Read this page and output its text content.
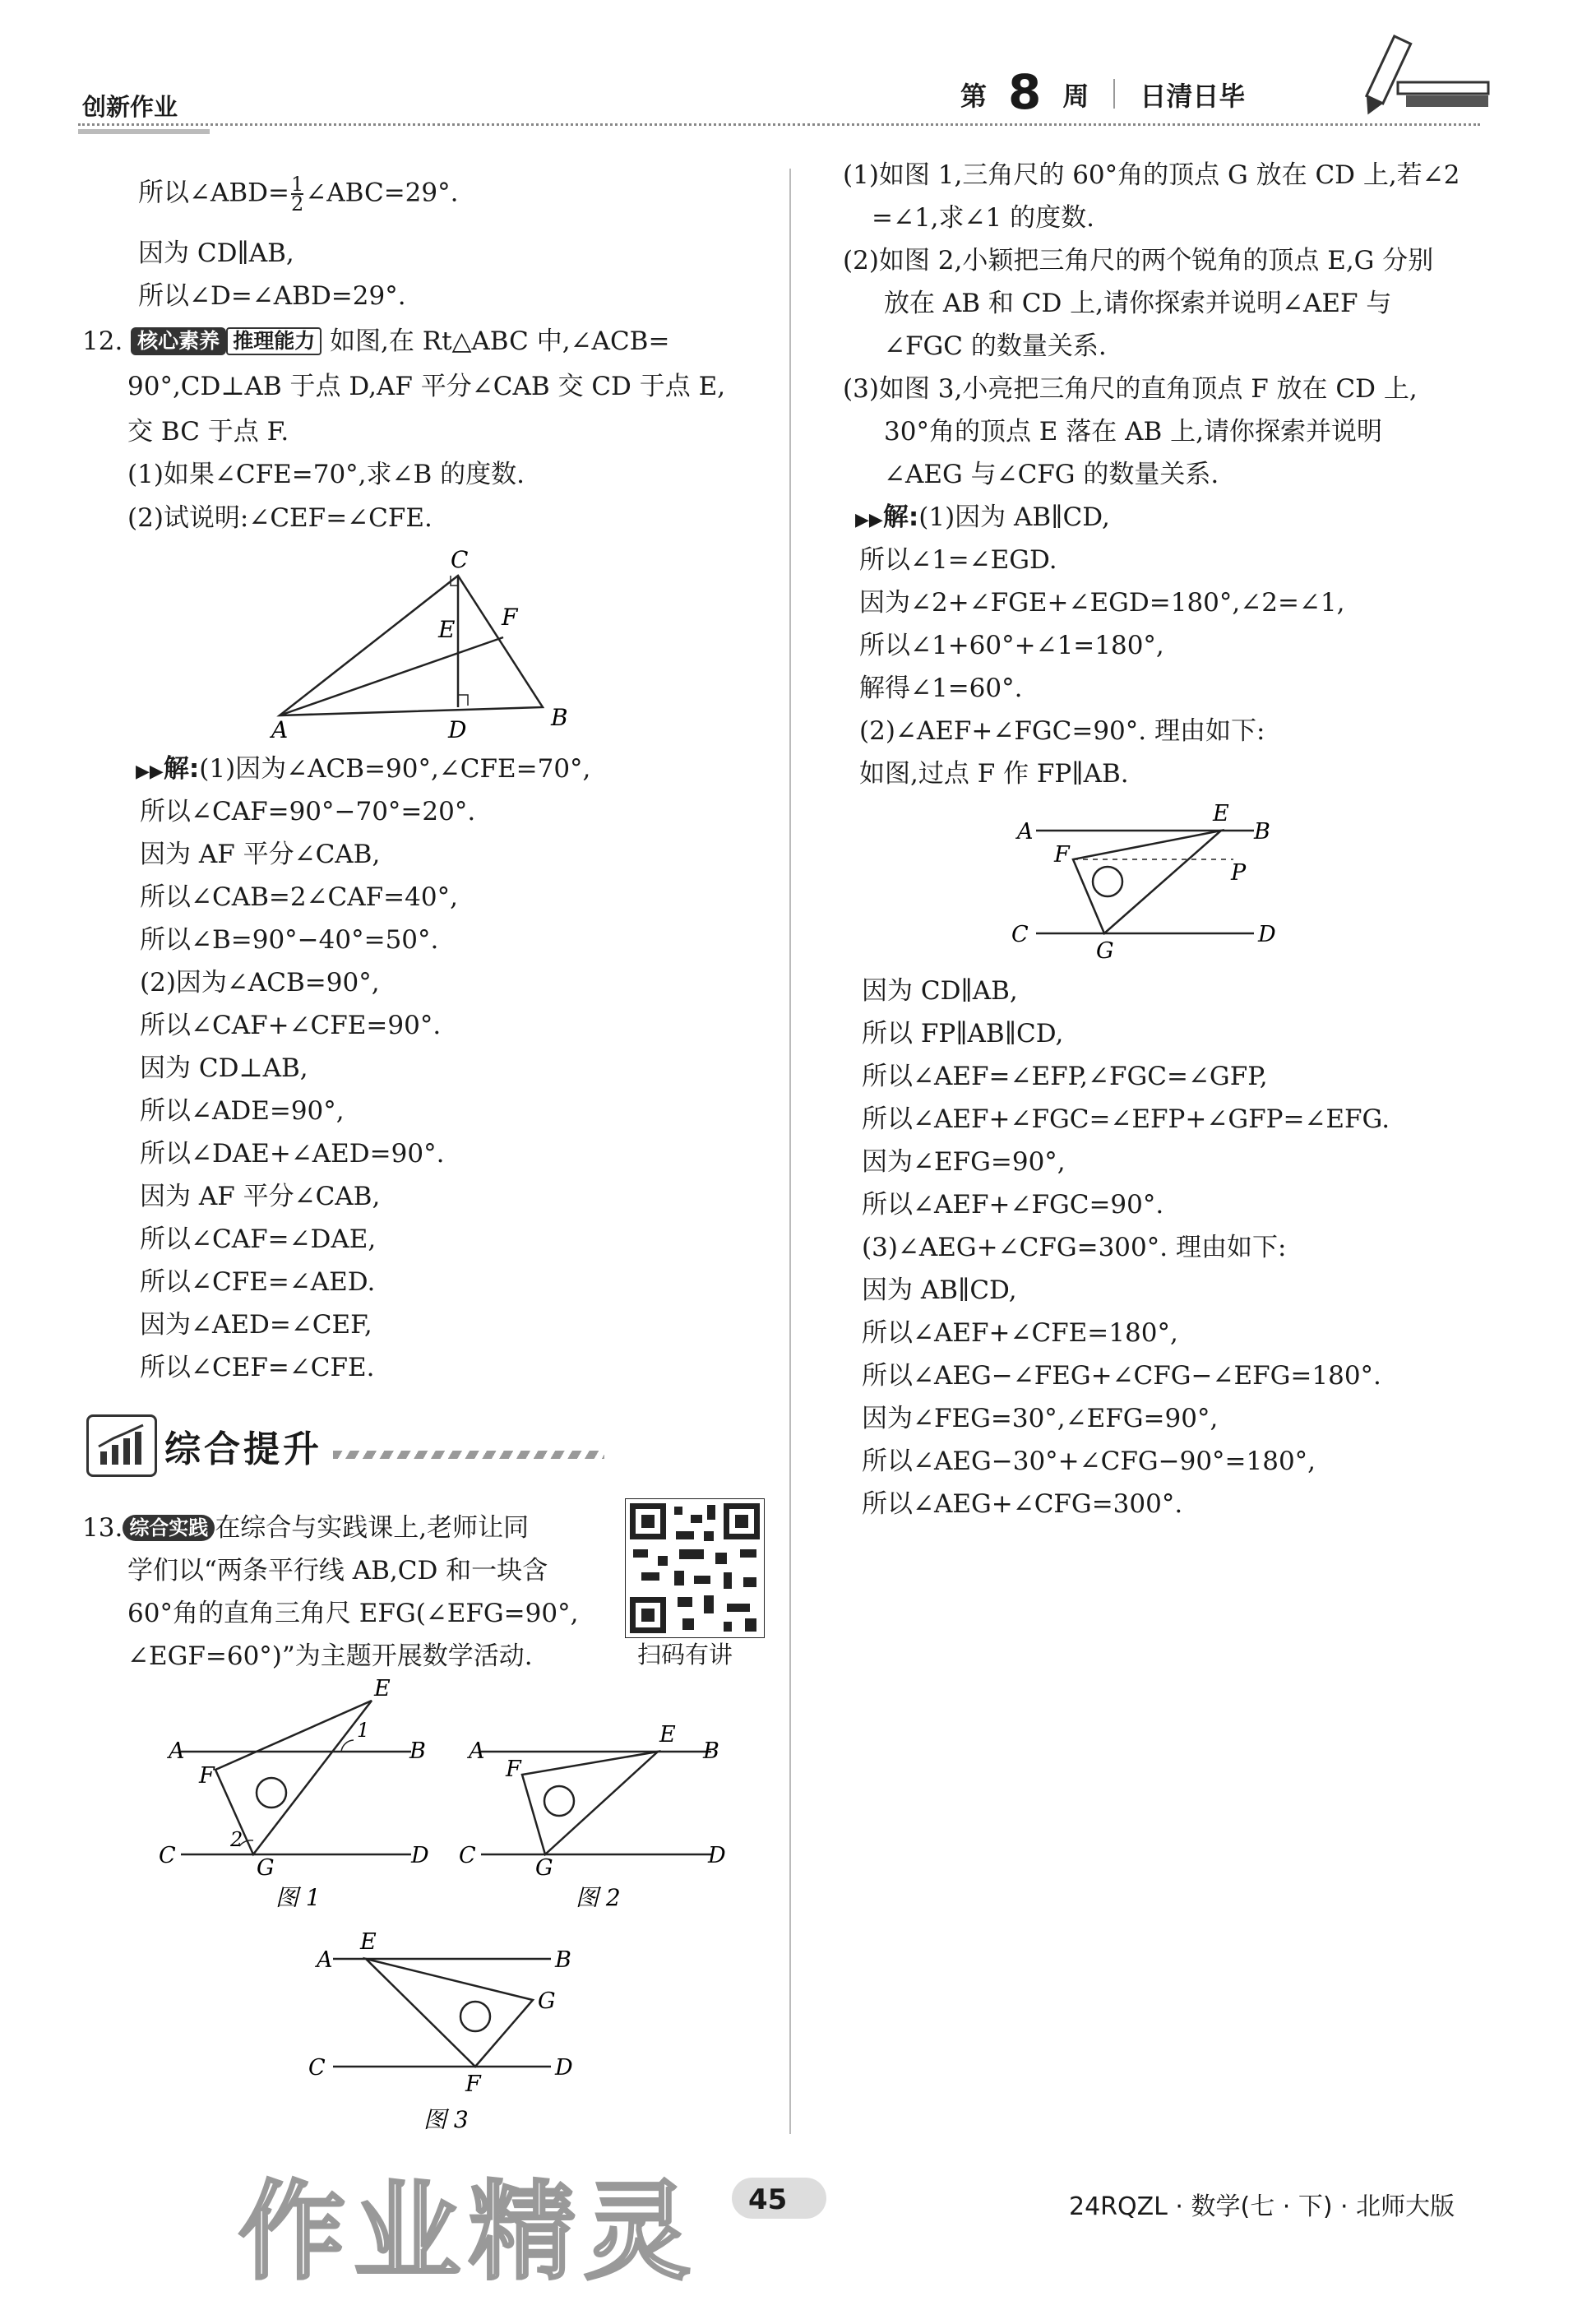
创新作业	第 8 周 日清日毕
所以∠ABD= $\frac{1}{2}$ ∠ABC=29°.
因为 CD∥AB,
所以∠D=∠ABD=29°.
12. 核心素养 推理能力 如图,在 Rt△ABC 中,∠ACB=
90°,CD⊥AB 于点 D,AF 平分∠CAB 交 CD 于点 E,
交 BC 于点 F.
(1)如果∠CFE=70°,求∠B 的度数.
(2)试说明:∠CEF=∠CFE.
C
F
E
A	D	B
▶▶解:(1)因为∠ACB=90°,∠CFE=70°,
所以∠CAF=90°−70°=20°.
因为 AF 平分∠CAB,
所以∠CAB=2∠CAF=40°,
所以∠B=90°−40°=50°.
(2)因为∠ACB=90°,
所以∠CAF+∠CFE=90°.
因为 CD⊥AB,
所以∠ADE=90°,
所以∠DAE+∠AED=90°.
因为 AF 平分∠CAB,
所以∠CAF=∠DAE,
所以∠CFE=∠AED.
因为∠AED=∠CEF,
所以∠CEF=∠CFE.
综合提升
13. 综合实践 在综合与实践课上,老师让同
学们以“两条平行线 AB,CD 和一块含
60°角的直角三角尺 EFG(∠EFG=90°,
∠EGF=60°)”为主题开展数学活动.	扫码有讲
E
1
A	B
F
2
C	D
G
图 1
E
A	B
F
C	D
G
图 2
E
A	B
G
C	D
F
图 3
(1)如图 1,三角尺的 60°角的顶点 G 放在 CD 上,若∠2
=∠1,求∠1 的度数.
(2)如图 2,小颖把三角尺的两个锐角的顶点 E,G 分别
放在 AB 和 CD 上,请你探索并说明∠AEF 与
∠FGC 的数量关系.
(3)如图 3,小亮把三角尺的直角顶点 F 放在 CD 上,
30°角的顶点 E 落在 AB 上,请你探索并说明
∠AEG 与∠CFG 的数量关系.
▶▶解:(1)因为 AB∥CD,
所以∠1=∠EGD.
因为∠2+∠FGE+∠EGD=180°,∠2=∠1,
所以∠1+60°+∠1=180°,
解得∠1=60°.
(2)∠AEF+∠FGC=90°. 理由如下:
如图,过点 F 作 FP∥AB.
E
A	B
F
P
C	D
G
因为 CD∥AB,
所以 FP∥AB∥CD,
所以∠AEF=∠EFP,∠FGC=∠GFP,
所以∠AEF+∠FGC=∠EFP+∠GFP=∠EFG.
因为∠EFG=90°,
所以∠AEF+∠FGC=90°.
(3)∠AEG+∠CFG=300°. 理由如下:
因为 AB∥CD,
所以∠AEF+∠CFE=180°,
所以∠AEG−∠FEG+∠CFG−∠EFG=180°.
因为∠FEG=30°,∠EFG=90°,
所以∠AEG−30°+∠CFG−90°=180°,
所以∠AEG+∠CFG=300°.
45	24RQZL · 数学(七 · 下) · 北师大版
作业精灵
